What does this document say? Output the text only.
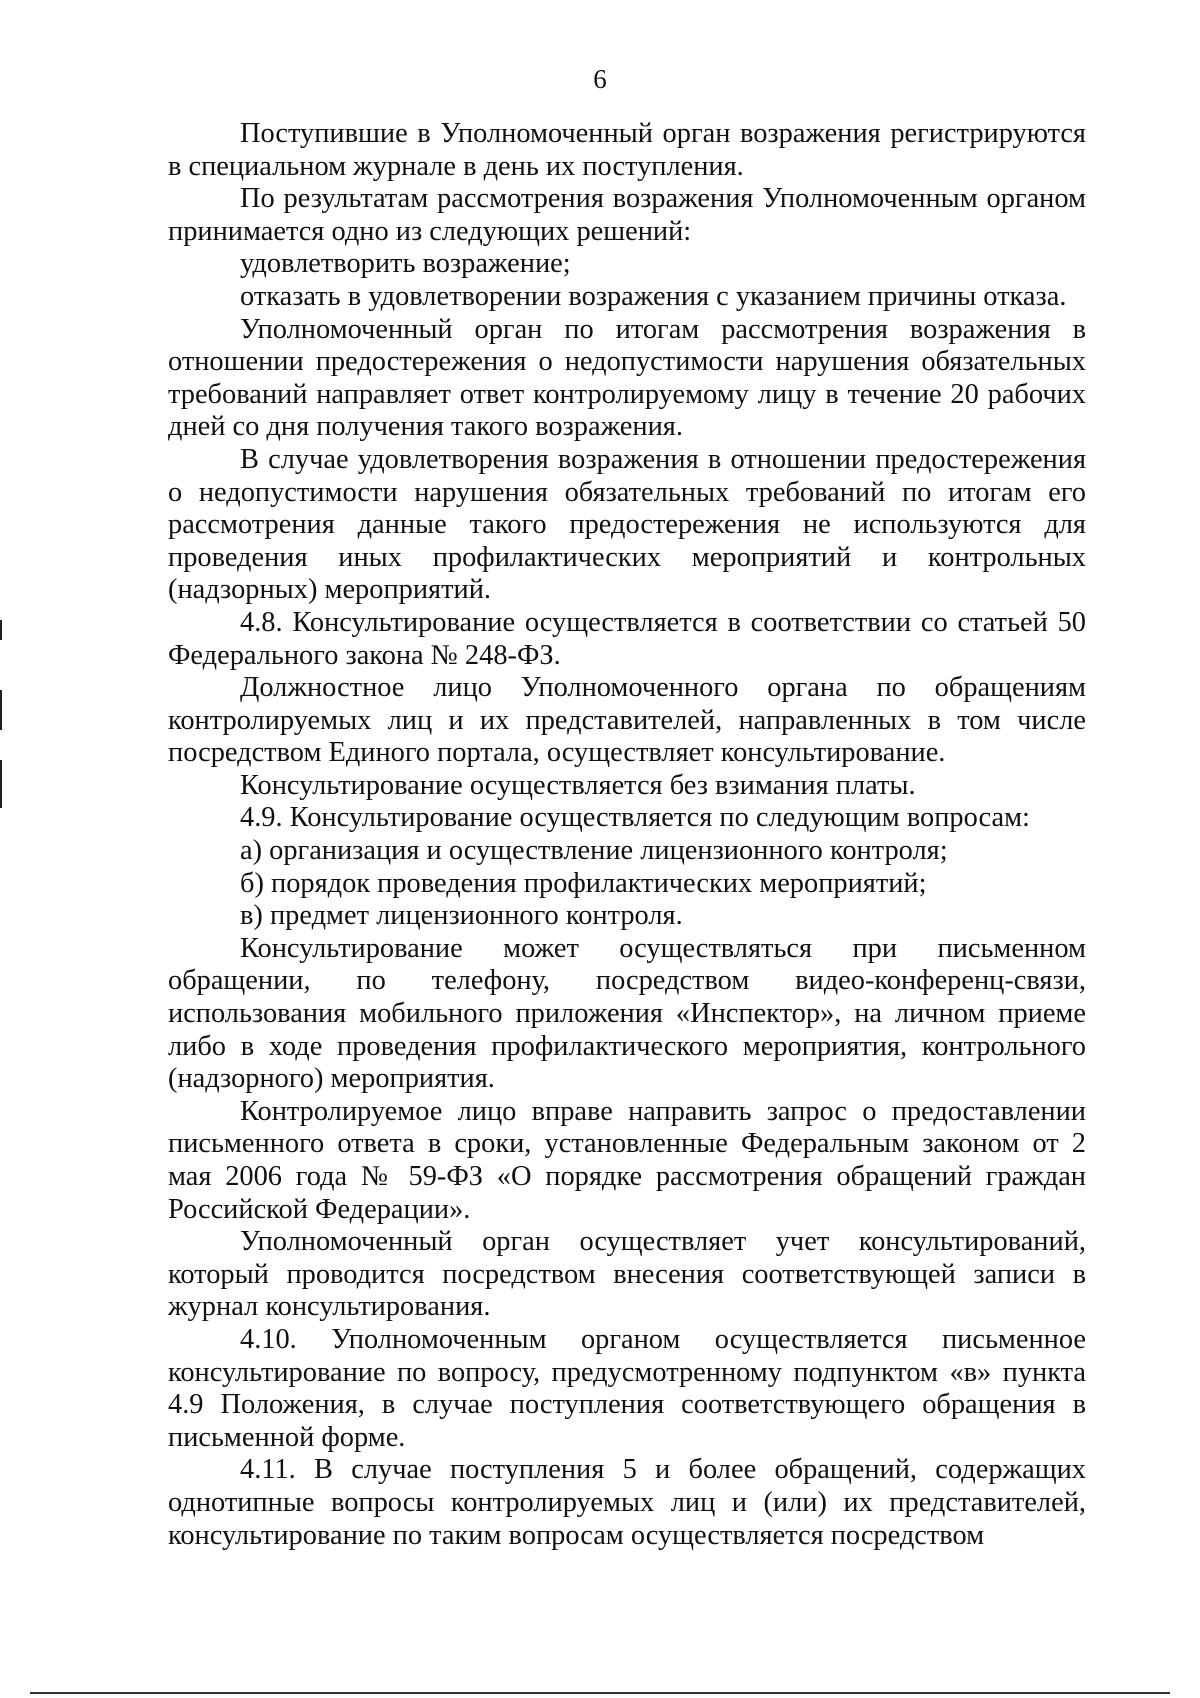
6

Поступившие в Уполномоченный орган возражения регистрируются в специальном журнале в день их поступления.

По результатам рассмотрения возражения Уполномоченным органом принимается одно из следующих решений:

удовлетворить возражение;

отказать в удовлетворении возражения с указанием причины отказа.

Уполномоченный орган по итогам рассмотрения возражения в отношении предостережения о недопустимости нарушения обязательных требований направляет ответ контролируемому лицу в течение 20 рабочих дней со дня получения такого возражения.

В случае удовлетворения возражения в отношении предостережения о недопустимости нарушения обязательных требований по итогам его рассмотрения данные такого предостережения не используются для проведения иных профилактических мероприятий и контрольных (надзорных) мероприятий.

4.8. Консультирование осуществляется в соответствии со статьей 50 Федерального закона № 248-ФЗ.

Должностное лицо Уполномоченного органа по обращениям контролируемых лиц и их представителей, направленных в том числе посредством Единого портала, осуществляет консультирование.

Консультирование осуществляется без взимания платы.

4.9. Консультирование осуществляется по следующим вопросам:

а) организация и осуществление лицензионного контроля;

б) порядок проведения профилактических мероприятий;

в) предмет лицензионного контроля.

Консультирование может осуществляться при письменном обращении, по телефону, посредством видео-конференц-связи, использования мобильного приложения «Инспектор», на личном приеме либо в ходе проведения профилактического мероприятия, контрольного (надзорного) мероприятия.

Контролируемое лицо вправе направить запрос о предоставлении письменного ответа в сроки, установленные Федеральным законом от 2 мая 2006 года № 59-ФЗ «О порядке рассмотрения обращений граждан Российской Федерации».

Уполномоченный орган осуществляет учет консультирований, который проводится посредством внесения соответствующей записи в журнал консультирования.

4.10. Уполномоченным органом осуществляется письменное консультирование по вопросу, предусмотренному подпунктом «в» пункта 4.9 Положения, в случае поступления соответствующего обращения в письменной форме.

4.11. В случае поступления 5 и более обращений, содержащих однотипные вопросы контролируемых лиц и (или) их представителей, консультирование по таким вопросам осуществляется посредством
